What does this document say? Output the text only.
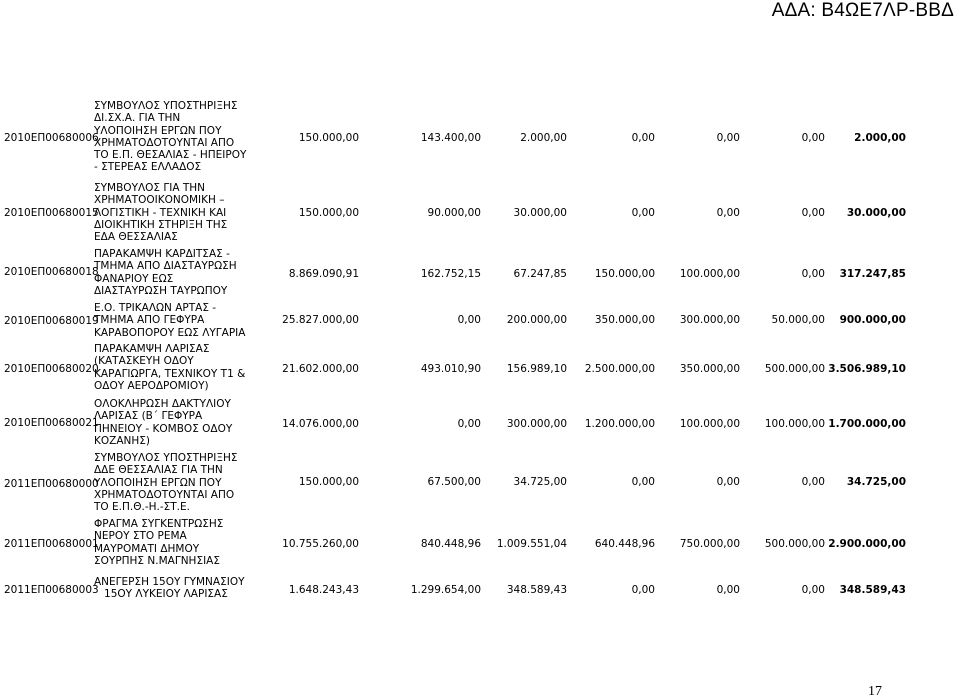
ΑΔΑ: Β4ΩΕ7ΛΡ-ΒΒΔ
2010ΕΠ00680006
ΣΥΜΒΟΥΛΟΣ ΥΠΟΣΤΗΡΙΞΗΣ
ΔΙ.ΣΧ.Α. ΓΙΑ ΤΗΝ
ΥΛΟΠΟΙΗΣΗ ΕΡΓΩΝ ΠΟΥ
ΧΡΗΜΑΤΟΔΟΤΟΥΝΤΑΙ ΑΠΟ
ΤΟ Ε.Π. ΘΕΣΑΛΙΑΣ - ΗΠΕΙΡΟΥ
- ΣΤΕΡΕΑΣ ΕΛΛΑΔΟΣ
150.000,00	143.400,00	2.000,00	0,00	0,00	0,00	2.000,00
2010ΕΠ00680015
ΣΥΜΒΟΥΛΟΣ ΓΙΑ ΤΗΝ
ΧΡΗΜΑΤΟΟΙΚΟΝΟΜΙΚΗ –
ΛΟΓΙΣΤΙΚΗ - ΤΕΧΝΙΚΗ ΚΑΙ
ΔΙΟΙΚΗΤΙΚΗ ΣΤΗΡΙΞΗ ΤΗΣ
ΕΔΑ ΘΕΣΣΑΛΙΑΣ
150.000,00	90.000,00	30.000,00	0,00	0,00	0,00 30.000,00
2010ΕΠ00680018
ΠΑΡΑΚΑΜΨΗ ΚΑΡΔΙΤΣΑΣ -
ΤΜΗΜΑ ΑΠΟ ΔΙΑΣΤΑΥΡΩΣΗ
ΦΑΝΑΡΙΟΥ ΕΩΣ
ΔΙΑΣΤΑΥΡΩΣΗ ΤΑΥΡΩΠΟΥ
8.869.090,91	162.752,15	67.247,85	150.000,00 100.000,00	0,00 317.247,85
2010ΕΠ00680019
Ε.Ο. ΤΡΙΚΑΛΩΝ ΑΡΤΑΣ -
ΤΜΗΜΑ ΑΠΟ ΓΕΦΥΡΑ
ΚΑΡΑΒΟΠΟΡΟΥ ΕΩΣ ΛΥΓΑΡΙΑ
25.827.000,00	0,00 200.000,00	350.000,00 300.000,00	50.000,00 900.000,00
2010ΕΠ00680020
ΠΑΡΑΚΑΜΨΗ ΛΑΡΙΣΑΣ
(ΚΑΤΑΣΚΕΥΗ ΟΔΟΥ
ΚΑΡΑΓΙΩΡΓΑ, ΤΕΧΝΙΚΟΥ Τ1 &
ΟΔΟΥ ΑΕΡΟΔΡΟΜΙΟΥ)
21.602.000,00	493.010,90 156.989,10 2.500.000,00 350.000,00 500.000,00 3.506.989,10
2010ΕΠ00680021
ΟΛΟΚΛΗΡΩΣΗ ΔΑΚΤΥΛΙΟΥ
ΛΑΡΙΣΑΣ (Β΄ ΓΕΦΥΡΑ
ΠΗΝΕΙΟΥ - ΚΟΜΒΟΣ ΟΔΟΥ
ΚΟΖΑΝΗΣ)
14.076.000,00	0,00 300.000,00 1.200.000,00 100.000,00 100.000,00 1.700.000,00
2011ΕΠ00680000
ΣΥΜΒΟΥΛΟΣ ΥΠΟΣΤΗΡΙΞΗΣ
ΔΔΕ ΘΕΣΣΑΛΙΑΣ ΓΙΑ ΤΗΝ
ΥΛΟΠΟΙΗΣΗ ΕΡΓΩΝ ΠΟΥ
ΧΡΗΜΑΤΟΔΟΤΟΥΝΤΑΙ ΑΠΟ
ΤΟ Ε.Π.Θ.-Η.-ΣΤ.Ε.
150.000,00	67.500,00	34.725,00	0,00	0,00	0,00 34.725,00
2011ΕΠ00680001
ΦΡΑΓΜΑ ΣΥΓΚΕΝΤΡΩΣΗΣ
ΝΕΡΟΥ ΣΤΟ ΡΕΜΑ
ΜΑΥΡΟΜΑΤΙ ΔΗΜΟΥ
ΣΟΥΡΠΗΣ Ν.ΜΑΓΝΗΣΙΑΣ
10.755.260,00	840.448,96 1.009.551,04	640.448,96 750.000,00 500.000,00 2.900.000,00
2011ΕΠ00680003
ΑΝΕΓΕΡΣΗ 15ΟΥ ΓΥΜΝΑΣΙΟΥ
15ΟΥ ΛΥΚΕΙΟΥ ΛΑΡΙΣΑΣ	1.648.243,43	1.299.654,00 348.589,43	0,00	0,00	0,00 348.589,43
17
